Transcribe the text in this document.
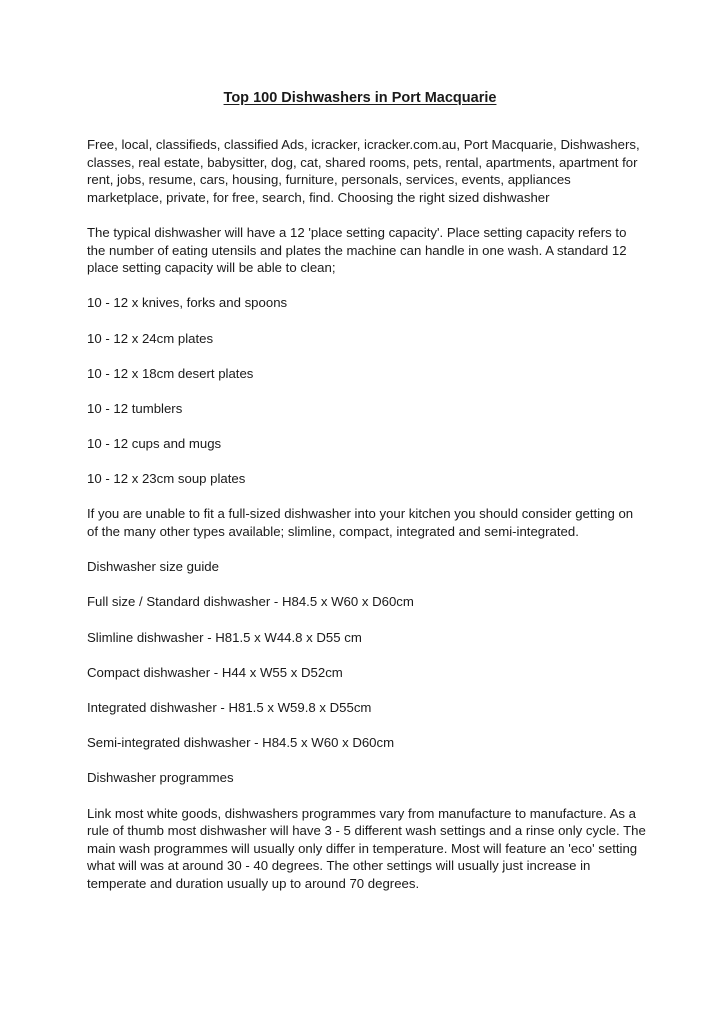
Top 100 Dishwashers in Port Macquarie

Free, local, classifieds, classified Ads, icracker, icracker.com.au, Port Macquarie, Dishwashers, classes, real estate, babysitter, dog, cat, shared rooms, pets, rental, apartments, apartment for rent, jobs, resume, cars, housing, furniture, personals, services, events, appliances marketplace, private, for free, search, find. Choosing the right sized dishwasher

The typical dishwasher will have a 12 'place setting capacity'. Place setting capacity refers to the number of eating utensils and plates the machine can handle in one wash. A standard 12 place setting capacity will be able to clean;

10 - 12 x knives, forks and spoons

10 - 12 x 24cm plates

10 - 12 x 18cm desert plates

10 - 12 tumblers

10 - 12 cups and mugs

10 - 12 x 23cm soup plates

If you are unable to fit a full-sized dishwasher into your kitchen you should consider getting on of the many other types available; slimline, compact, integrated and semi-integrated.

Dishwasher size guide

Full size / Standard dishwasher - H84.5 x W60 x D60cm

Slimline dishwasher - H81.5 x W44.8 x D55 cm

Compact dishwasher - H44 x W55 x D52cm

Integrated dishwasher - H81.5 x W59.8 x D55cm

Semi-integrated dishwasher - H84.5 x W60 x D60cm

Dishwasher programmes

Link most white goods, dishwashers programmes vary from manufacture to manufacture. As a rule of thumb most dishwasher will have 3 - 5 different wash settings and a rinse only cycle. The main wash programmes will usually only differ in temperature. Most will feature an 'eco' setting what will was at around 30 - 40 degrees. The other settings will usually just increase in temperate and duration usually up to around 70 degrees.
